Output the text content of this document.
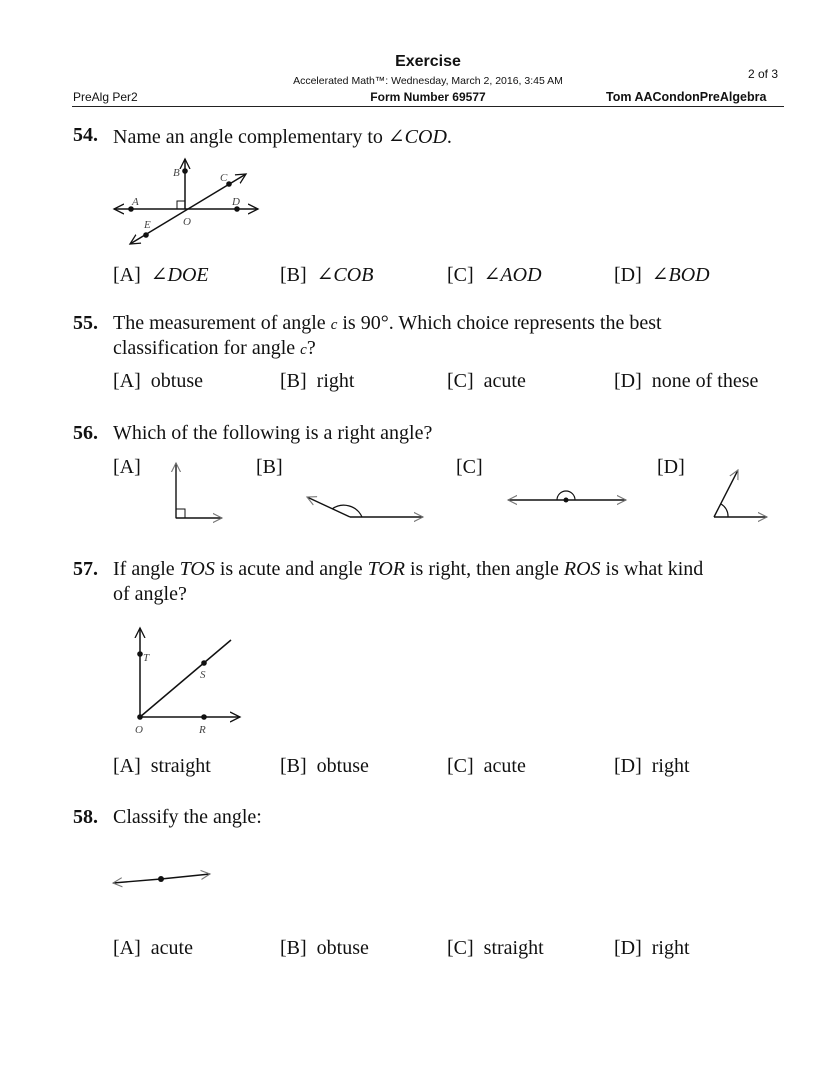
Exercise
Accelerated Math™: Wednesday, March 2, 2016, 3:45 AM	2 of 3
PreAlg Per2	Form Number 69577	Tom AACondonPreAlgebra
54. Name an angle complementary to ∠COD.
A
B	C
D
E	O
[A] ∠DOE	[B] ∠COB	[C] ∠AOD	[D] ∠BOD
55. The measurement of angle c is 90°. Which choice represents the best
classification for angle c?
[A] obtuse	[B] right	[C] acute	[D] none of these
56. Which of the following is a right angle?
[A]	[B]	[C]	[D]
57. If angle TOS is acute and angle TOR is right, then angle ROS is what kind
of angle?
T
S
O	R
[A] straight	[B] obtuse	[C] acute	[D] right
58. Classify the angle:
[A] acute	[B] obtuse	[C] straight	[D] right
